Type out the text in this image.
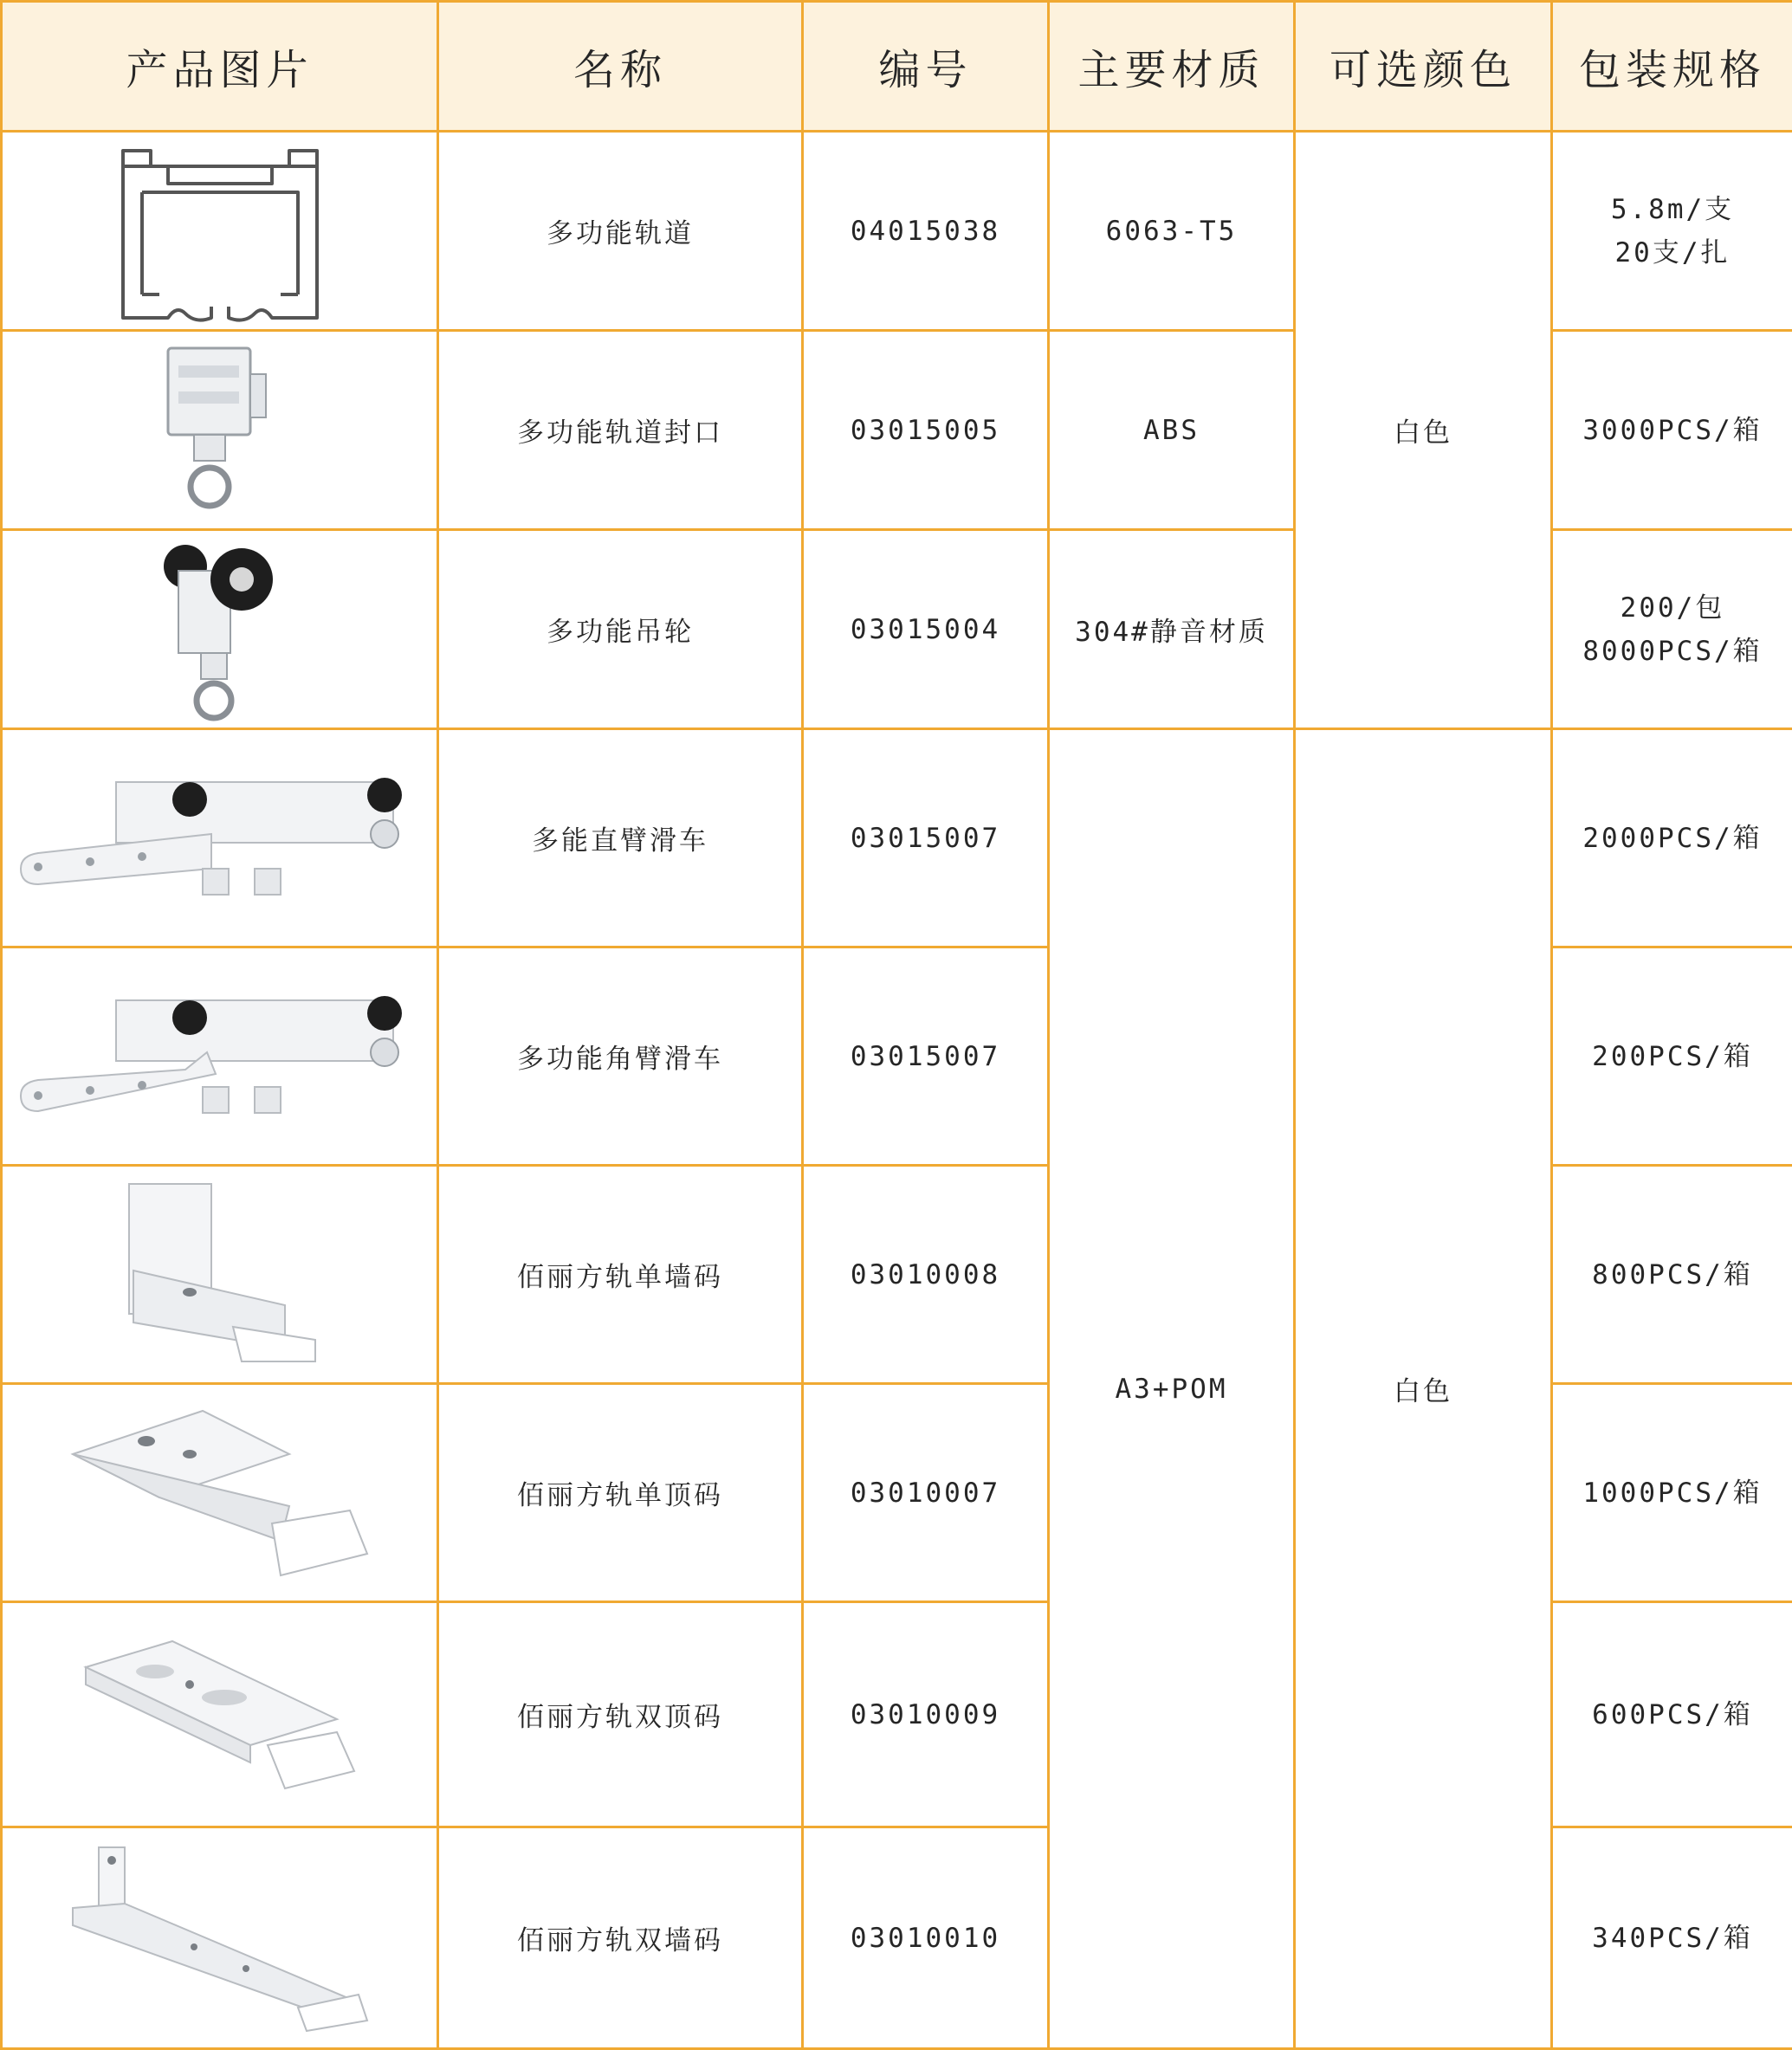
产品图片	名称	编号	主要材质	可选颜色	包装规格

	多功能轨道	04015038	6063-T5	白色	5.8m/支
20支/扎

	多功能轨道封口	03015005	ABS		3000PCS/箱

	多功能吊轮	03015004	304#静音材质		200/包
8000PCS/箱

	多能直臂滑车	03015007	A3+POM	白色	2000PCS/箱

	多功能角臂滑车	03015007			200PCS/箱

	佰丽方轨单墙码	03010008			800PCS/箱

	佰丽方轨单顶码	03010007			1000PCS/箱

	佰丽方轨双顶码	03010009			600PCS/箱

	佰丽方轨双墙码	03010010			340PCS/箱
